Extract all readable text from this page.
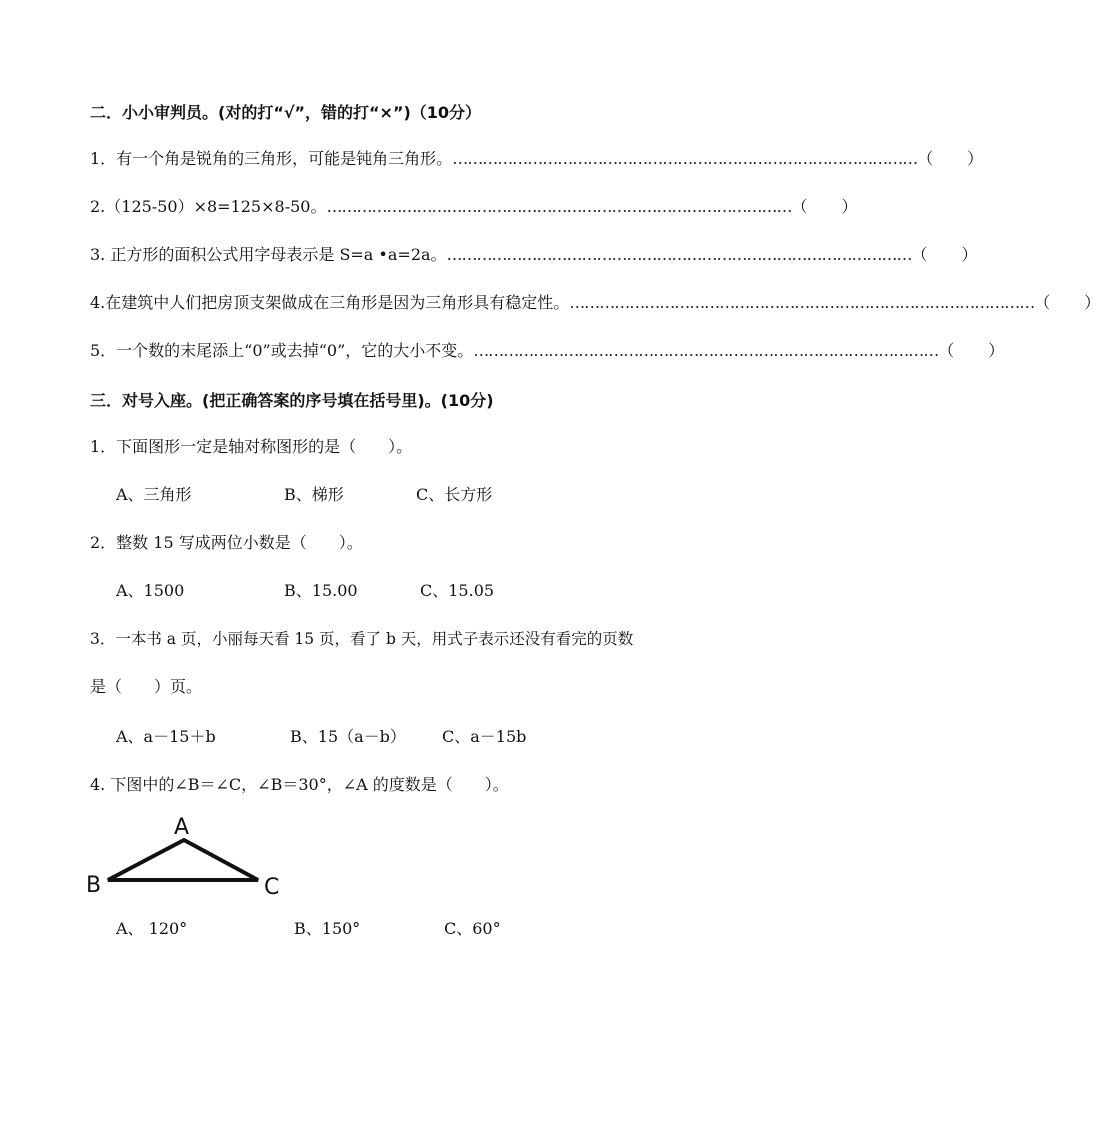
二．小小审判员。(对的打“√”，错的打“×”)（10分）
1．有一个角是锐角的三角形，可能是钝角三角形。 ………………………………………………………………………………… （ ）
2.（125-50）×8=125×8-50。 ………………………………………………………………………………… （ ）
3. 正方形的面积公式用字母表示是 S=a •a=2a。 ………………………………………………………………………………… （ ）
4.在建筑中人们把房顶支架做成在三角形是因为三角形具有稳定性。 ………………………………………………………………………………… （ ）
5．一个数的末尾添上“0”或去掉“0”，它的大小不变。 ………………………………………………………………………………… （ ）
三．对号入座。(把正确答案的序号填在括号里)。(10分)
1．下面图形一定是轴对称图形的是（　　）。
A、三角形	B、梯形	C、长方形
2．整数 15 写成两位小数是（　　）。
A、1500	B、15.00	C、15.05
3．一本书 a 页，小丽每天看 15 页，看了 b 天，用式子表示还没有看完的页数
是（　　）页。
A、a－15＋b	B、15（a－b） C、a－15b
4. 下图中的∠B＝∠C，∠B＝30°，∠A 的度数是（　　）。
A
B	C
A、 120°	B、150°	C、60°
